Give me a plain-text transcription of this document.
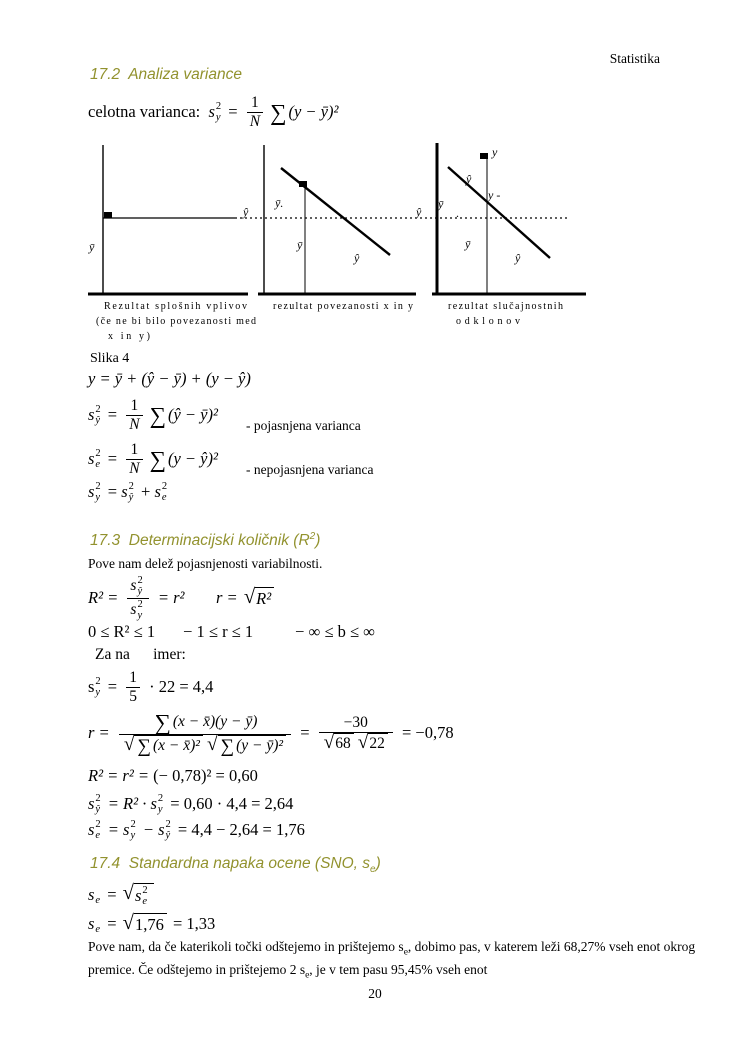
Statistika
17.2  Analiza variance
celotna varianca: s 2
$y = \frac{1}{N}$ ∑ (y − ȳ)²
ȳ
Rezultat splošnih vplivov
(če ne bi bilo povezanosti med
x in y)
ŷ
ȳ.
ȳ
ŷ
rezultat povezanosti x in y
y
ŷ
ȳ
.
ŷ
y -
ȳ
ŷ
rezultat slučajnostnih
odklonov
Slika 4
y = ȳ + (ŷ − ȳ) + (y − ŷ)
s 2
ŷ = $\frac{1}{N}$ ∑ (ŷ − ȳ)²
- pojasnjena varianca
s 2
$e = \frac{1}{N}$ ∑ (y − ŷ)²
- nepojasnjena varianca
s 2
y = s 2
ŷ + s 2
e
17.3  Determinacijski količnik $(R^2)$
Pove nam delež pojasnjenosti variabilnosti.
R² = s 2
ŷ
s 2
y = r² r = √ R²
0 ≤ R² ≤ 1 − 1 ≤ r ≤ 1	− ∞ ≤ b ≤ ∞
Za na      imer:
s 2
$y = \frac{1}{5} \cdot 22 = 4,4$
$r = \frac{\sum (x - x̄)(y - ȳ)}{\text{√ ∑ (x − x̄)² √ ∑ (y − ȳ)²}} = \frac{-30}{√ 68 √ 22} = -0,78$
R² = r² = (− 0,78)² = 0,60
s 2
ŷ = R² · s 2
y = 0,60 · 4,4 = 2,64
s 2
e = s 2
y − s 2
ŷ = 4,4 − 2,64 = 1,76
17.4  Standardna napaka ocene (SNO, $s_e$)
s
e = √ s 2
e
s
e = √ 1,76 = 1,33
Pove nam, da če katerikoli točki odštejemo in prištejemo $s_e$, dobimo pas, v katerem leži 68,27% vseh enot okrog premice. Če odštejemo in prištejemo 2 $s_e$, je v tem pasu 95,45% vseh enot
20
